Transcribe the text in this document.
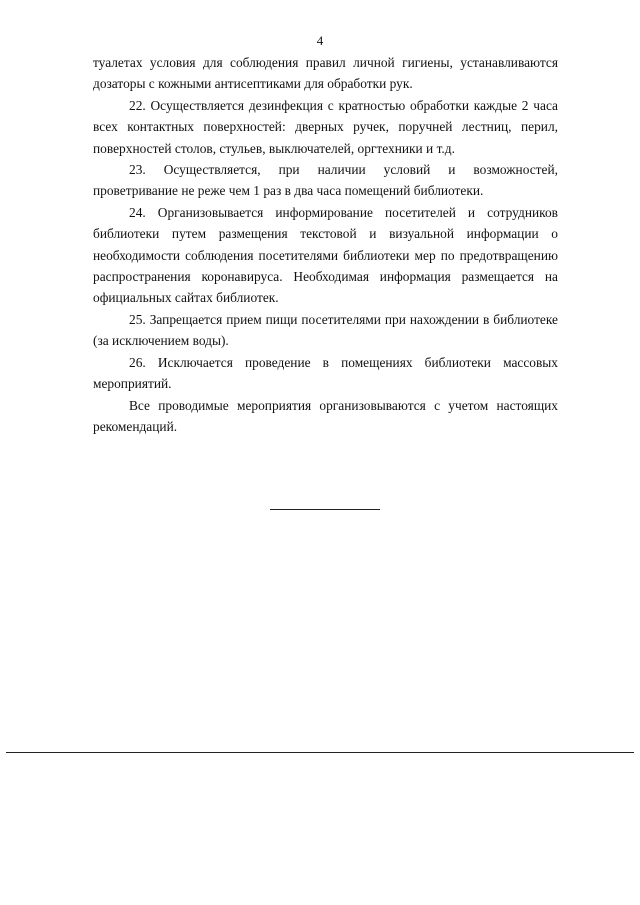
4

туалетах условия для соблюдения правил личной гигиены, устанавливаются дозаторы с кожными антисептиками для обработки рук.

22. Осуществляется дезинфекция с кратностью обработки каждые 2 часа всех контактных поверхностей: дверных ручек, поручней лестниц, перил, поверхностей столов, стульев, выключателей, оргтехники и т.д.

23. Осуществляется, при наличии условий и возможностей, проветривание не реже чем 1 раз в два часа помещений библиотеки.

24. Организовывается информирование посетителей и сотрудников библиотеки путем размещения текстовой и визуальной информации о необходимости соблюдения посетителями библиотеки мер по предотвращению распространения коронавируса. Необходимая информация размещается на официальных сайтах библиотек.

25. Запрещается прием пищи посетителями при нахождении в библиотеке (за исключением воды).

26. Исключается проведение в помещениях библиотеки массовых мероприятий.

Все проводимые мероприятия организовываются с учетом настоящих рекомендаций.
